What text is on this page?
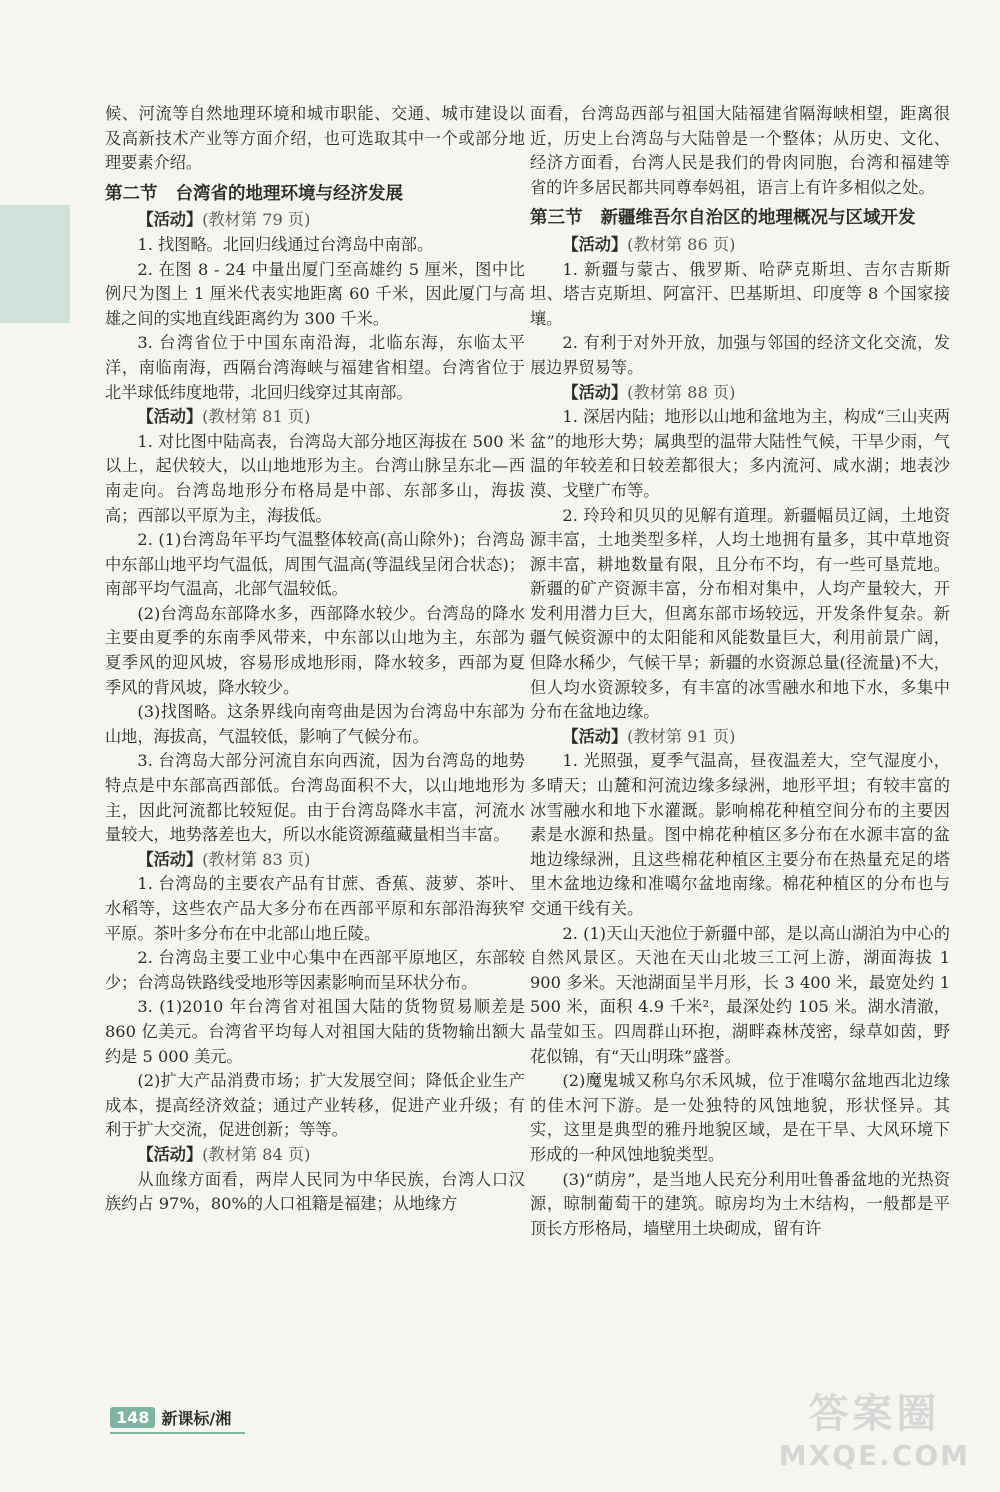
候、河流等自然地理环境和城市职能、交通、城市建设以及高新技术产业等方面介绍，也可选取其中一个或部分地理要素介绍。

第二节 台湾省的地理环境与经济发展

【活动】(教材第 79 页)

1. 找图略。北回归线通过台湾岛中南部。

2. 在图 8 - 24 中量出厦门至高雄约 5 厘米，图中比例尺为图上 1 厘米代表实地距离 60 千米，因此厦门与高雄之间的实地直线距离约为 300 千米。

3. 台湾省位于中国东南沿海，北临东海，东临太平洋，南临南海，西隔台湾海峡与福建省相望。台湾省位于北半球低纬度地带，北回归线穿过其南部。

【活动】(教材第 81 页)

1. 对比图中陆高表，台湾岛大部分地区海拔在 500 米以上，起伏较大，以山地地形为主。台湾山脉呈东北—西南走向。台湾岛地形分布格局是中部、东部多山，海拔高；西部以平原为主，海拔低。

2. (1)台湾岛年平均气温整体较高(高山除外)；台湾岛中东部山地平均气温低，周围气温高(等温线呈闭合状态)；南部平均气温高，北部气温较低。

(2)台湾岛东部降水多，西部降水较少。台湾岛的降水主要由夏季的东南季风带来，中东部以山地为主，东部为夏季风的迎风坡，容易形成地形雨，降水较多，西部为夏季风的背风坡，降水较少。

(3)找图略。这条界线向南弯曲是因为台湾岛中东部为山地，海拔高，气温较低，影响了气候分布。

3. 台湾岛大部分河流自东向西流，因为台湾岛的地势特点是中东部高西部低。台湾岛面积不大，以山地地形为主，因此河流都比较短促。由于台湾岛降水丰富，河流水量较大，地势落差也大，所以水能资源蕴藏量相当丰富。

【活动】(教材第 83 页)

1. 台湾岛的主要农产品有甘蔗、香蕉、菠萝、茶叶、水稻等，这些农产品大多分布在西部平原和东部沿海狭窄平原。茶叶多分布在中北部山地丘陵。

2. 台湾岛主要工业中心集中在西部平原地区，东部较少；台湾岛铁路线受地形等因素影响而呈环状分布。

3. (1)2010 年台湾省对祖国大陆的货物贸易顺差是 860 亿美元。台湾省平均每人对祖国大陆的货物输出额大约是 5 000 美元。

(2)扩大产品消费市场；扩大发展空间；降低企业生产成本，提高经济效益；通过产业转移，促进产业升级；有利于扩大交流，促进创新；等等。

【活动】(教材第 84 页)

从血缘方面看，两岸人民同为中华民族，台湾人口汉族约占 97%，80%的人口祖籍是福建；从地缘方

面看，台湾岛西部与祖国大陆福建省隔海峡相望，距离很近，历史上台湾岛与大陆曾是一个整体；从历史、文化、经济方面看，台湾人民是我们的骨肉同胞，台湾和福建等省的许多居民都共同尊奉妈祖，语言上有许多相似之处。

第三节 新疆维吾尔自治区的地理概况与区域开发

【活动】(教材第 86 页)

1. 新疆与蒙古、俄罗斯、哈萨克斯坦、吉尔吉斯斯坦、塔吉克斯坦、阿富汗、巴基斯坦、印度等 8 个国家接壤。

2. 有利于对外开放，加强与邻国的经济文化交流，发展边界贸易等。

【活动】(教材第 88 页)

1. 深居内陆；地形以山地和盆地为主，构成“三山夹两盆”的地形大势；属典型的温带大陆性气候，干旱少雨，气温的年较差和日较差都很大；多内流河、咸水湖；地表沙漠、戈壁广布等。

2. 玲玲和贝贝的见解有道理。新疆幅员辽阔，土地资源丰富，土地类型多样，人均土地拥有量多，其中草地资源丰富，耕地数量有限，且分布不均，有一些可垦荒地。新疆的矿产资源丰富，分布相对集中，人均产量较大，开发利用潜力巨大，但离东部市场较远，开发条件复杂。新疆气候资源中的太阳能和风能数量巨大，利用前景广阔，但降水稀少，气候干旱；新疆的水资源总量(径流量)不大，但人均水资源较多，有丰富的冰雪融水和地下水，多集中分布在盆地边缘。

【活动】(教材第 91 页)

1. 光照强，夏季气温高，昼夜温差大，空气湿度小，多晴天；山麓和河流边缘多绿洲，地形平坦；有较丰富的冰雪融水和地下水灌溉。影响棉花种植空间分布的主要因素是水源和热量。图中棉花种植区多分布在水源丰富的盆地边缘绿洲，且这些棉花种植区主要分布在热量充足的塔里木盆地边缘和准噶尔盆地南缘。棉花种植区的分布也与交通干线有关。

2. (1)天山天池位于新疆中部，是以高山湖泊为中心的自然风景区。天池在天山北坡三工河上游，湖面海拔 1 900 多米。天池湖面呈半月形，长 3 400 米，最宽处约 1 500 米，面积 4.9 千米²，最深处约 105 米。湖水清澈，晶莹如玉。四周群山环抱，湖畔森林茂密，绿草如茵，野花似锦，有“天山明珠”盛誉。

(2)魔鬼城又称乌尔禾风城，位于准噶尔盆地西北边缘的佳木河下游。是一处独特的风蚀地貌，形状怪异。其实，这里是典型的雅丹地貌区域，是在干旱、大风环境下形成的一种风蚀地貌类型。

(3)“荫房”，是当地人民充分利用吐鲁番盆地的光热资源，晾制葡萄干的建筑。晾房均为土木结构，一般都是平顶长方形格局，墙壁用土块砌成，留有许

148 新课标/湘	答案圈
MXQE.COM
